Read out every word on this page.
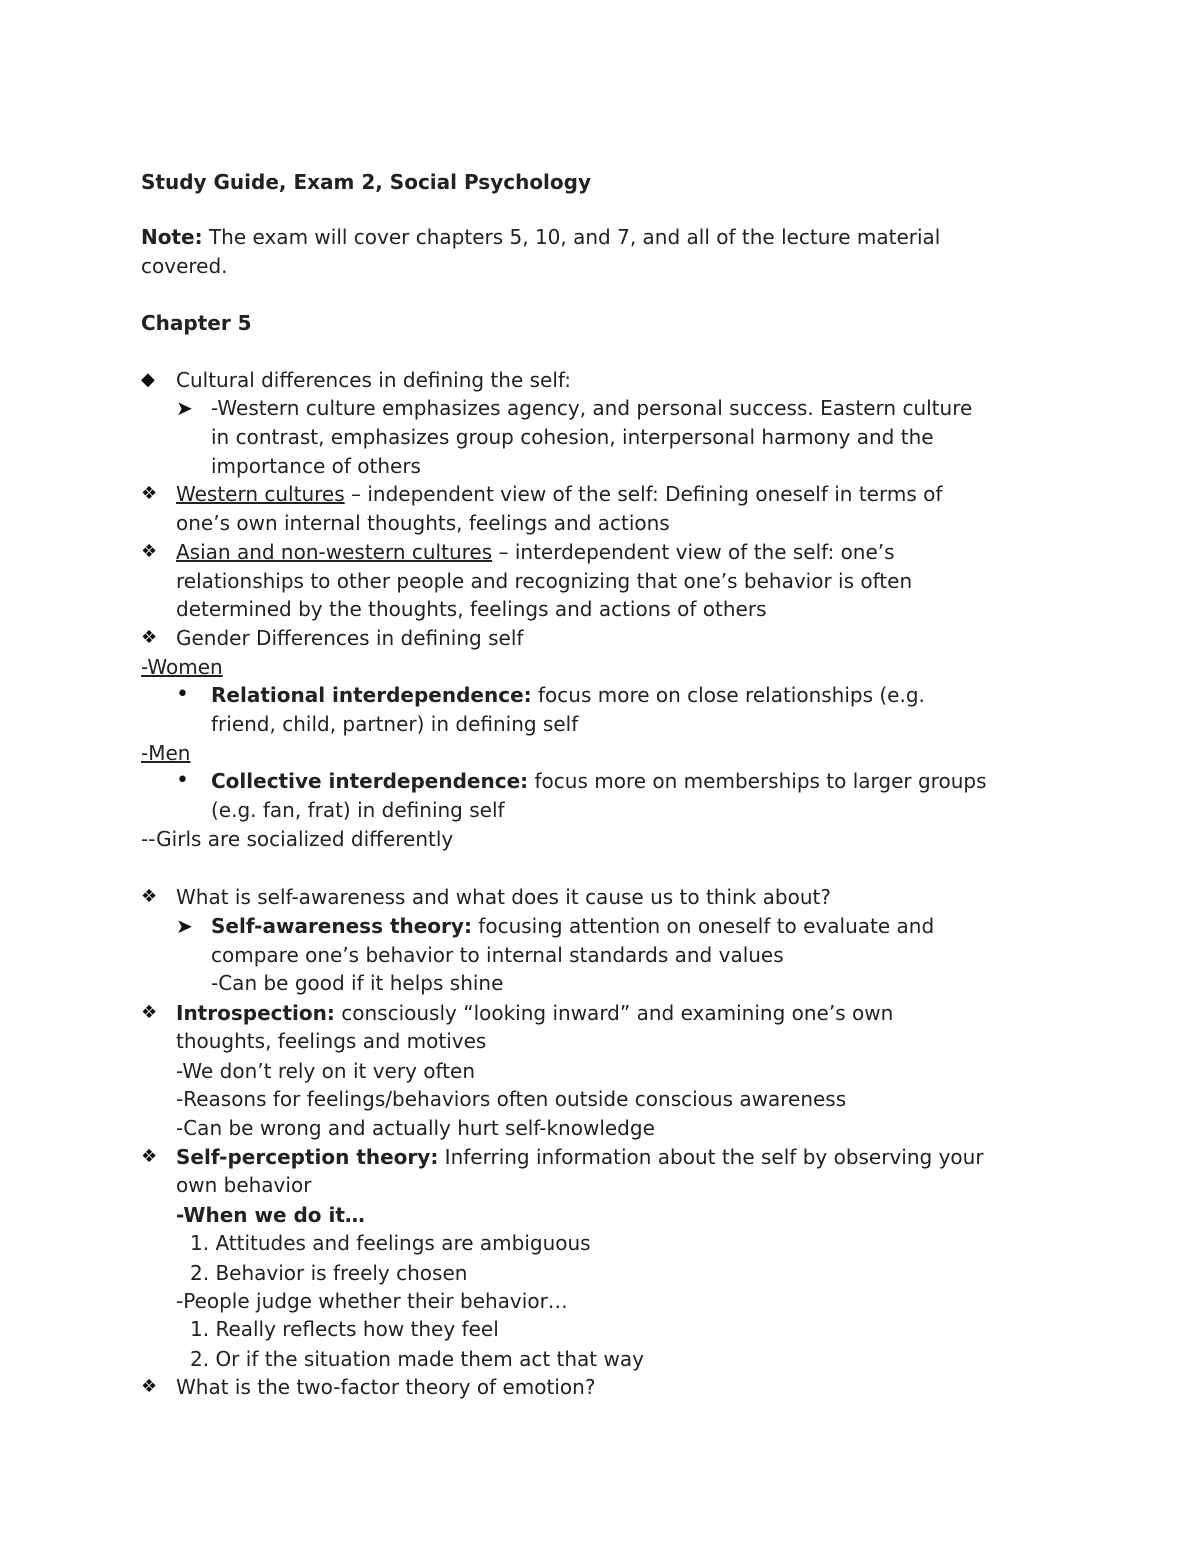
Study Guide, Exam 2, Social Psychology
Note: The exam will cover chapters 5, 10, and 7, and all of the lecture material
covered.
Chapter 5
◆ Cultural differences in defining the self:
➤ -Western culture emphasizes agency, and personal success. Eastern culture
in contrast, emphasizes group cohesion, interpersonal harmony and the
importance of others
❖ Western cultures – independent view of the self: Defining oneself in terms of
one’s own internal thoughts, feelings and actions
❖ Asian and non-western cultures – interdependent view of the self: one’s
relationships to other people and recognizing that one’s behavior is often
determined by the thoughts, feelings and actions of others
❖ Gender Differences in defining self
-Women
• Relational interdependence: focus more on close relationships (e.g.
friend, child, partner) in defining self
-Men
• Collective interdependence: focus more on memberships to larger groups
(e.g. fan, frat) in defining self
--Girls are socialized differently
❖ What is self-awareness and what does it cause us to think about?
➤ Self-awareness theory: focusing attention on oneself to evaluate and
compare one’s behavior to internal standards and values
-Can be good if it helps shine
❖ Introspection: consciously “looking inward” and examining one’s own
thoughts, feelings and motives
-We don’t rely on it very often
-Reasons for feelings/behaviors often outside conscious awareness
-Can be wrong and actually hurt self-knowledge
❖ Self-perception theory: Inferring information about the self by observing your
own behavior
-When we do it…
1. Attitudes and feelings are ambiguous
2. Behavior is freely chosen
-People judge whether their behavior…
1. Really reflects how they feel
2. Or if the situation made them act that way
❖ What is the two-factor theory of emotion?
